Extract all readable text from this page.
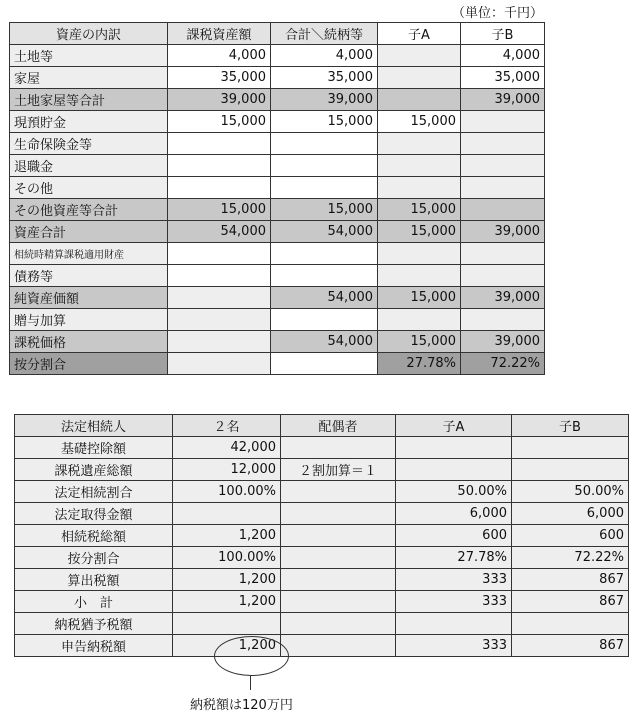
（単位：千円）
資産の内訳	課税資産額	合計＼続柄等	子A	子B
土地等	4,000	4,000		4,000
家屋	35,000	35,000		35,000
土地家屋等合計	39,000	39,000		39,000
現預貯金	15,000	15,000	15,000	
生命保険金等				
退職金				
その他				
その他資産等合計	15,000	15,000	15,000	
資産合計	54,000	54,000	15,000	39,000
相続時精算課税適用財産				
債務等				
純資産価額		54,000	15,000	39,000
贈与加算				
課税価格		54,000	15,000	39,000
按分割合			27.78%	72.22%
法定相続人	２名	配偶者	子A	子B
基礎控除額	42,000			
課税遺産総額	12,000	２割加算＝１		
法定相続割合	100.00%		50.00%	50.00%
法定取得金額			6,000	6,000
相続税総額	1,200		600	600
按分割合	100.00%		27.78%	72.22%
算出税額	1,200		333	867
小　計	1,200		333	867
納税猶予税額				
申告納税額	1,200		333	867
納税額は120万円
